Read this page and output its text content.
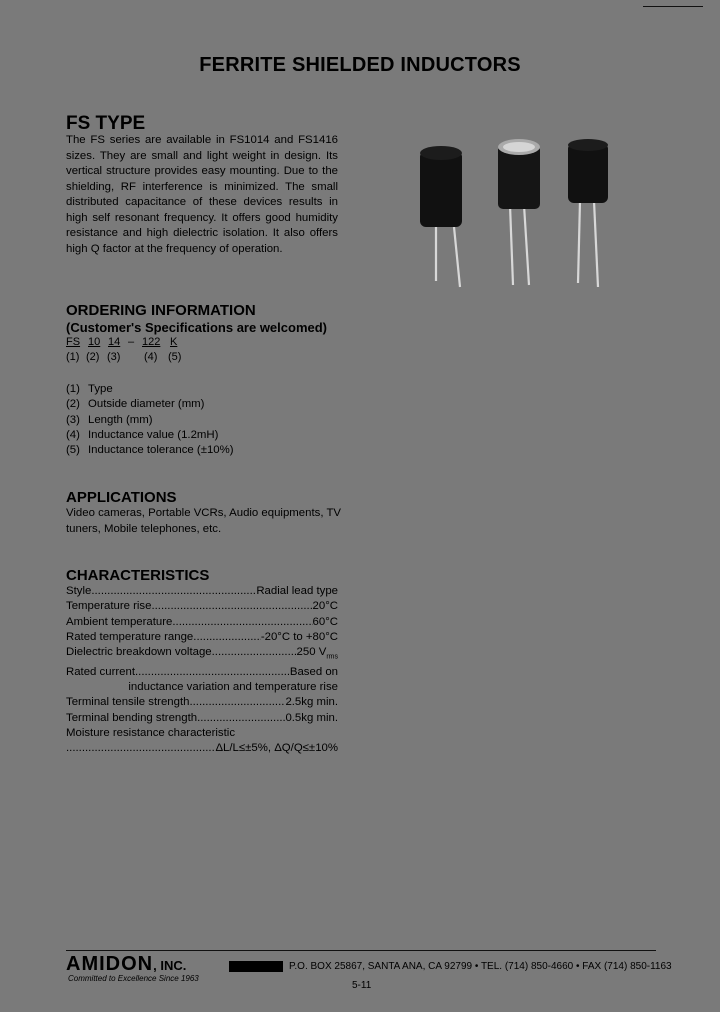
FERRITE SHIELDED INDUCTORS
FS TYPE
The FS series are available in FS1014 and FS1416 sizes. They are small and light weight in design. Its vertical structure provides easy mounting. Due to the shielding, RF interference is minimized. The small distributed capacitance of these devices results in high self resonant frequency. It offers good humidity resistance and high dielectric isolation. It also offers high Q factor at the frequency of operation.
ORDERING INFORMATION
(Customer's Specifications are welcomed)
FS 10 14 – 122 K
(1) (2) (3) (4) (5)
(1) Type
(2) Outside diameter (mm)
(3) Length (mm)
(4) Inductance value (1.2mH)
(5) Inductance tolerance (±10%)
APPLICATIONS
Video cameras, Portable VCRs, Audio equipments, TV tuners, Mobile telephones, etc.
CHARACTERISTICS
Style .....	Radial lead type
Temperature rise .....	20°C
Ambient temperature .....	60°C
Rated temperature range .....	-20°C to +80°C
Dielectric breakdown voltage .....	250 $V_{rms}$
Rated current .....	Based on
inductance variation and temperature rise
Terminal tensile strength .....	2.5kg min.
Terminal bending strength .....	0.5kg min.
Moisture resistance characteristic
.....
ΔL/L≤±5%, ΔQ/Q≤±10%
AMIDON, INC.	P.O. BOX 25867, SANTA ANA, CA 92799 • TEL. (714) 850-4660 • FAX (714) 850-1163
Committed to Excellence Since 1963
5-11
